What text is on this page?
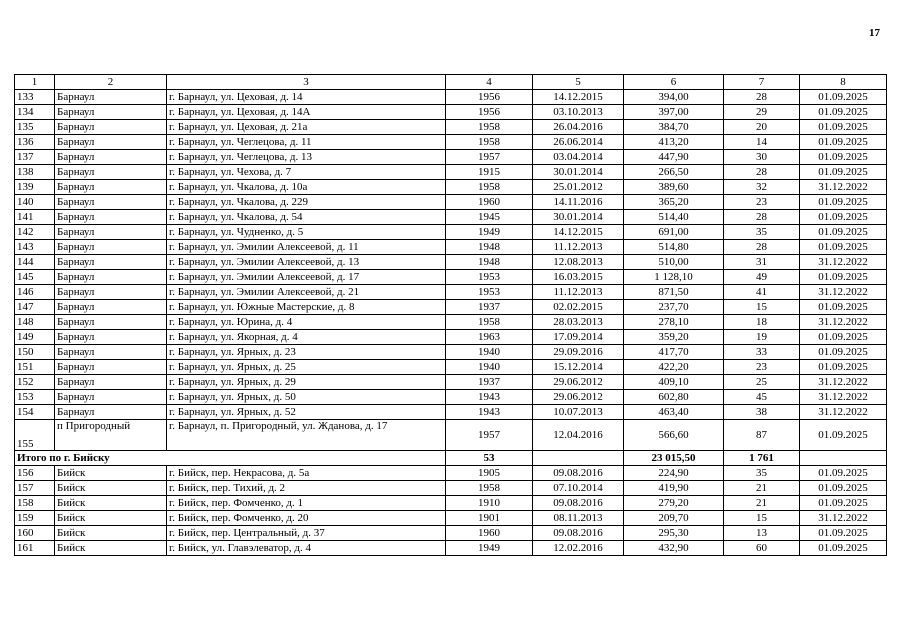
17
1	2	3	4	5	6	7	8
133	Барнаул	г. Барнаул, ул. Цеховая, д. 14	1956	14.12.2015	394,00	28	01.09.2025
134	Барнаул	г. Барнаул, ул. Цеховая, д. 14А	1956	03.10.2013	397,00	29	01.09.2025
135	Барнаул	г. Барнаул, ул. Цеховая, д. 21а	1958	26.04.2016	384,70	20	01.09.2025
136	Барнаул	г. Барнаул, ул. Чеглецова, д. 11	1958	26.06.2014	413,20	14	01.09.2025
137	Барнаул	г. Барнаул, ул. Чеглецова, д. 13	1957	03.04.2014	447,90	30	01.09.2025
138	Барнаул	г. Барнаул, ул. Чехова, д. 7	1915	30.01.2014	266,50	28	01.09.2025
139	Барнаул	г. Барнаул, ул. Чкалова, д. 10а	1958	25.01.2012	389,60	32	31.12.2022
140	Барнаул	г. Барнаул, ул. Чкалова, д. 229	1960	14.11.2016	365,20	23	01.09.2025
141	Барнаул	г. Барнаул, ул. Чкалова, д. 54	1945	30.01.2014	514,40	28	01.09.2025
142	Барнаул	г. Барнаул, ул. Чудненко, д. 5	1949	14.12.2015	691,00	35	01.09.2025
143	Барнаул	г. Барнаул, ул. Эмилии Алексеевой, д. 11	1948	11.12.2013	514,80	28	01.09.2025
144	Барнаул	г. Барнаул, ул. Эмилии Алексеевой, д. 13	1948	12.08.2013	510,00	31	31.12.2022
145	Барнаул	г. Барнаул, ул. Эмилии Алексеевой, д. 17	1953	16.03.2015	1 128,10	49	01.09.2025
146	Барнаул	г. Барнаул, ул. Эмилии Алексеевой, д. 21	1953	11.12.2013	871,50	41	31.12.2022
147	Барнаул	г. Барнаул, ул. Южные Мастерские, д. 8	1937	02.02.2015	237,70	15	01.09.2025
148	Барнаул	г. Барнаул, ул. Юрина, д. 4	1958	28.03.2013	278,10	18	31.12.2022
149	Барнаул	г. Барнаул, ул. Якорная, д. 4	1963	17.09.2014	359,20	19	01.09.2025
150	Барнаул	г. Барнаул, ул. Ярных, д. 23	1940	29.09.2016	417,70	33	01.09.2025
151	Барнаул	г. Барнаул, ул. Ярных, д. 25	1940	15.12.2014	422,20	23	01.09.2025
152	Барнаул	г. Барнаул, ул. Ярных, д. 29	1937	29.06.2012	409,10	25	31.12.2022
153	Барнаул	г. Барнаул, ул. Ярных, д. 50	1943	29.06.2012	602,80	45	31.12.2022
154	Барнаул	г. Барнаул, ул. Ярных, д. 52	1943	10.07.2013	463,40	38	31.12.2022
155	п Пригородный	г. Барнаул, п. Пригородный, ул. Жданова, д. 17	1957	12.04.2016	566,60	87	01.09.2025
Итого по г. Бийску			53		23 015,50	1 761	
156	Бийск	г. Бийск, пер. Некрасова, д. 5а	1905	09.08.2016	224,90	35	01.09.2025
157	Бийск	г. Бийск, пер. Тихий, д. 2	1958	07.10.2014	419,90	21	01.09.2025
158	Бийск	г. Бийск, пер. Фомченко, д. 1	1910	09.08.2016	279,20	21	01.09.2025
159	Бийск	г. Бийск, пер. Фомченко, д. 20	1901	08.11.2013	209,70	15	31.12.2022
160	Бийск	г. Бийск, пер. Центральный, д. 37	1960	09.08.2016	295,30	13	01.09.2025
161	Бийск	г. Бийск, ул. Главэлеватор, д. 4	1949	12.02.2016	432,90	60	01.09.2025
